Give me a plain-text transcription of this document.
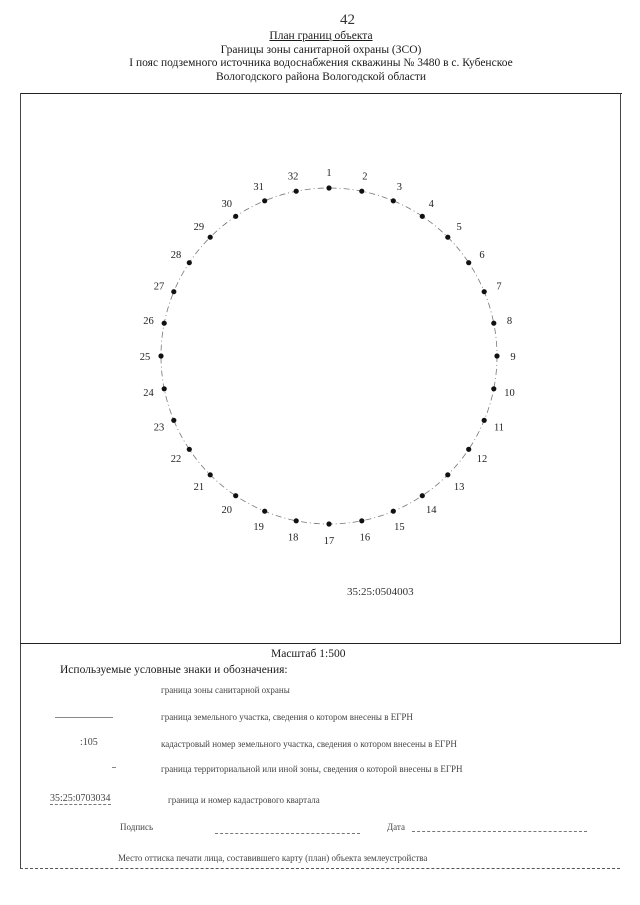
42
План границ объекта
Границы зоны санитарной охраны (ЗСО)
I пояс подземного источника водоснабжения скважины № 3480 в с. Кубенское
Вологодского района Вологодской области
1	2
3
4
5
6
7
8
9
10
11
12
13
14
15
16
17
18
19
20
21
22
23
24
25
26
27
28
29
30
31
32
35:25:0504003
Масштаб 1:500
Используемые условные знаки и обозначения:
граница зоны санитарной охраны
граница земельного участка, сведения о котором внесены в ЕГРН
:105	кадастровый номер земельного участка, сведения о котором внесены в ЕГРН
граница территориальной или иной зоны, сведения о которой внесены в ЕГРН
35:25:0703034	граница и номер кадастрового квартала
Подпись	Дата
Место оттиска печати лица, составившего карту (план) объекта землеустройства
